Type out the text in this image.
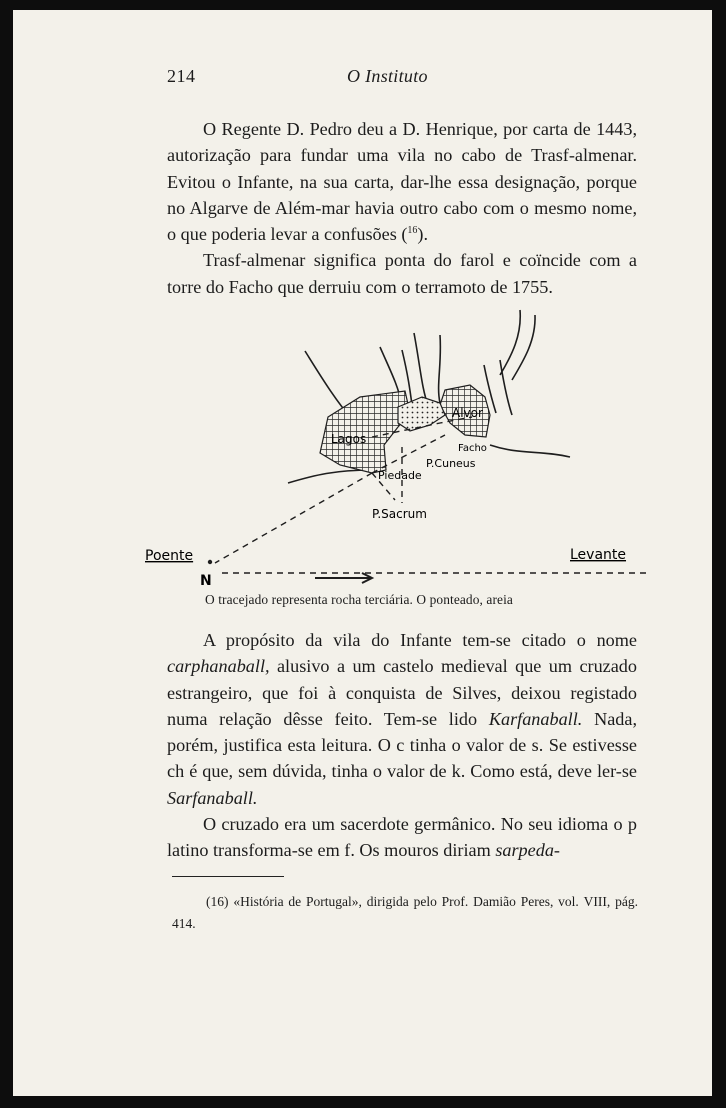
214	O Instituto

O Regente D. Pedro deu a D. Henrique, por carta de 1443, autorização para fundar uma vila no cabo de Trasf-almenar. Evitou o Infante, na sua carta, dar-lhe essa designação, porque no Algarve de Além-mar havia outro cabo com o mesmo nome, o que poderia levar a confusões ($^{16}$).

Trasf-almenar significa ponta do farol e coïncide com a torre do Facho que derruiu com o terramoto de 1755.

Lagos
Alvor
Facho
P.Cuneus
Piedade
P.Sacrum
Poente	Levante
N
O tracejado representa rocha terciária. O ponteado, areia

A propósito da vila do Infante tem-se citado o nome carphanaball, alusivo a um castelo medieval que um cruzado estrangeiro, que foi à conquista de Silves, deixou registado numa relação dêsse feito. Tem-se lido Karfanaball. Nada, porém, justifica esta leitura. O c tinha o valor de s. Se estivesse ch é que, sem dúvida, tinha o valor de k. Como está, deve ler-se Sarfanaball.

O cruzado era um sacerdote germânico. No seu idioma o p latino transforma-se em f. Os mouros diriam sarpeda-

(16) «História de Portugal», dirigida pelo Prof. Damião Peres, vol. VIII, pág. 414.
